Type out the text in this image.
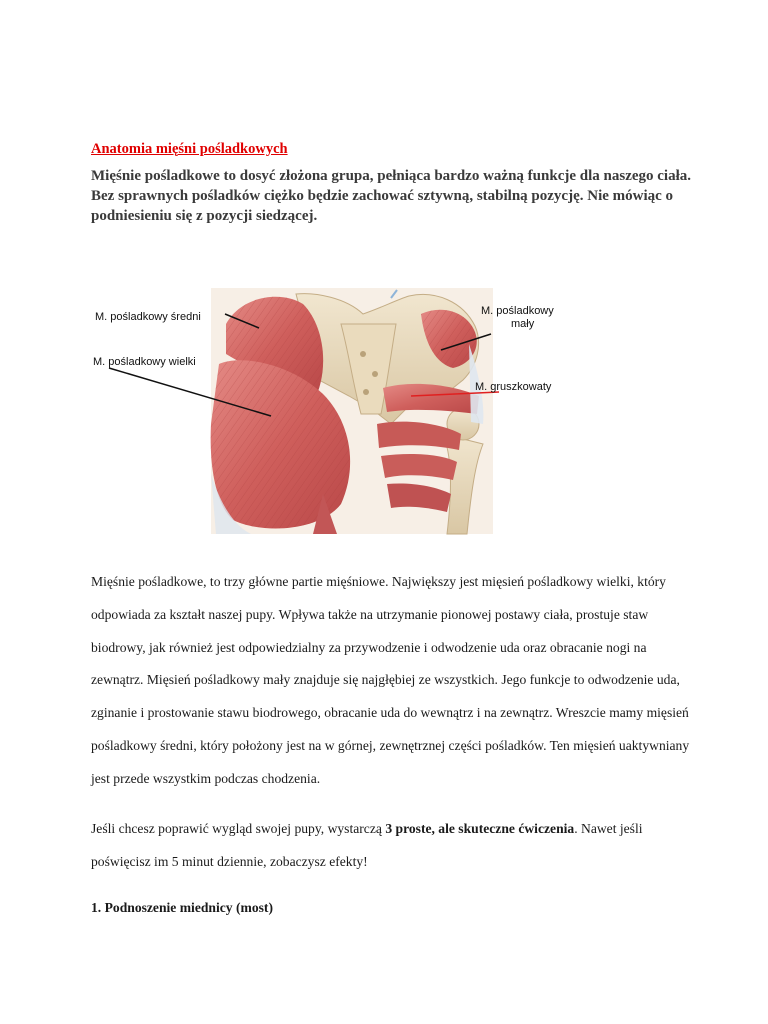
Anatomia mięśni pośladkowych
Mięśnie pośladkowe to dosyć złożona grupa, pełniąca bardzo ważną funkcje dla naszego ciała. Bez sprawnych pośladków ciężko będzie zachować sztywną, stabilną pozycję. Nie mówiąc o podniesieniu się z pozycji siedzącej.
M. pośladkowy średni
M. pośladkowy wielki
M. pośladkowy
mały
M. gruszkowaty
Mięśnie pośladkowe, to trzy główne partie mięśniowe. Największy jest mięsień pośladkowy wielki, który odpowiada za kształt naszej pupy. Wpływa także na utrzymanie pionowej postawy ciała, prostuje staw biodrowy, jak również jest odpowiedzialny za przywodzenie i odwodzenie uda oraz obracanie nogi na zewnątrz. Mięsień pośladkowy mały znajduje się najgłębiej ze wszystkich. Jego funkcje to odwodzenie uda, zginanie i prostowanie stawu biodrowego, obracanie uda do wewnątrz i na zewnątrz. Wreszcie mamy mięsień pośladkowy średni, który położony jest na w górnej, zewnętrznej części pośladków. Ten mięsień uaktywniany jest przede wszystkim podczas chodzenia.
Jeśli chcesz poprawić wygląd swojej pupy, wystarczą 3 proste, ale skuteczne ćwiczenia. Nawet jeśli poświęcisz im 5 minut dziennie, zobaczysz efekty!
1. Podnoszenie miednicy (most)
